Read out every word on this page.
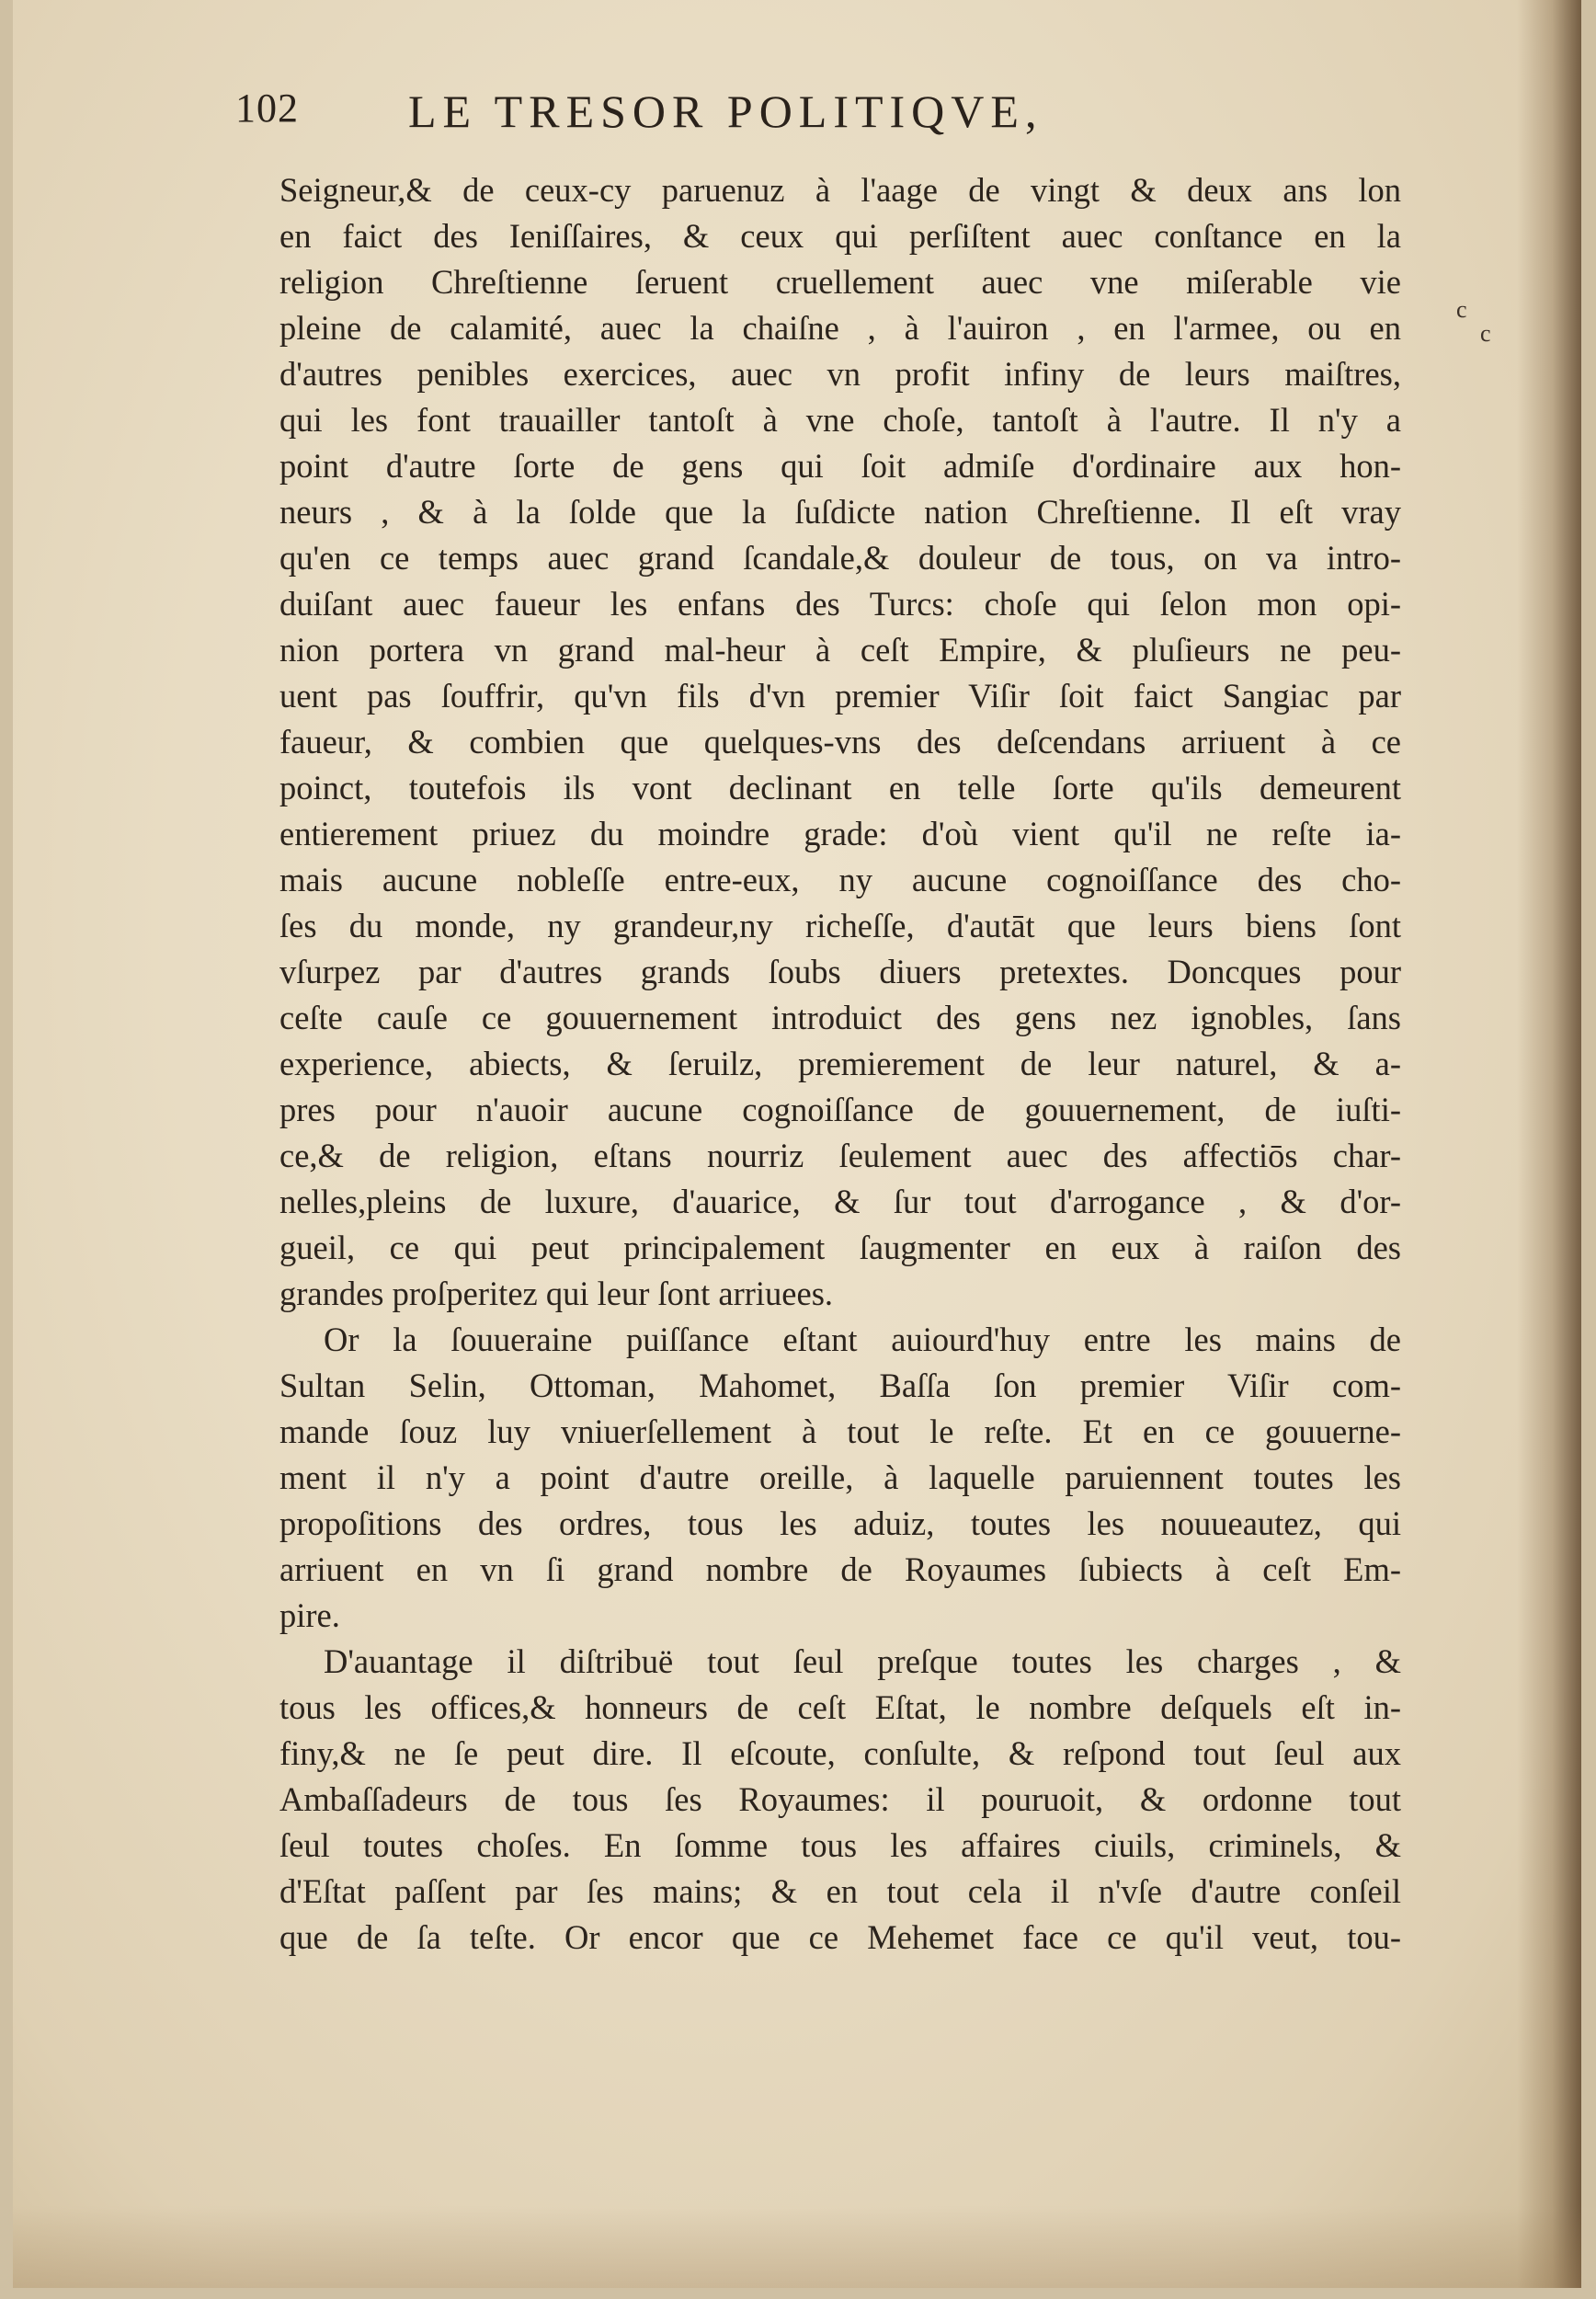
102 LE TRESOR POLITIQVE,
c
c
Seigneur,& de ceux-cy paruenuz à l'aage de vingt & deux ans lon
en faict des Ieniſſaires, & ceux qui perſiſtent auec conſtance en la
religion Chreſtienne ſeruent cruellement auec vne miſerable vie
pleine de calamité, auec la chaiſne , à l'auiron , en l'armee, ou en
d'autres penibles exercices, auec vn profit infiny de leurs maiſtres,
qui les font trauailler tantoſt à vne choſe, tantoſt à l'autre. Il n'y a
point d'autre ſorte de gens qui ſoit admiſe d'ordinaire aux hon-
neurs , & à la ſolde que la ſuſdicte nation Chreſtienne. Il eſt vray
qu'en ce temps auec grand ſcandale,& douleur de tous, on va intro-
duiſant auec faueur les enfans des Turcs: choſe qui ſelon mon opi-
nion portera vn grand mal-heur à ceſt Empire, & pluſieurs ne peu-
uent pas ſouffrir, qu'vn fils d'vn premier Viſir ſoit faict Sangiac par
faueur, & combien que quelques-vns des deſcendans arriuent à ce
poinct, toutefois ils vont declinant en telle ſorte qu'ils demeurent
entierement priuez du moindre grade: d'où vient qu'il ne reſte ia-
mais aucune nobleſſe entre-eux, ny aucune cognoiſſance des cho-
ſes du monde, ny grandeur,ny richeſſe, d'autāt que leurs biens ſont
vſurpez par d'autres grands ſoubs diuers pretextes. Doncques pour
ceſte cauſe ce gouuernement introduict des gens nez ignobles, ſans
experience, abiects, & ſeruilz, premierement de leur naturel, & a-
pres pour n'auoir aucune cognoiſſance de gouuernement, de iuſti-
ce,& de religion, eſtans nourriz ſeulement auec des affectiōs char-
nelles,pleins de luxure, d'auarice, & ſur tout d'arrogance , & d'or-
gueil, ce qui peut principalement ſaugmenter en eux à raiſon des
grandes proſperitez qui leur ſont arriuees.
Or la ſouueraine puiſſance eſtant auiourd'huy entre les mains de
Sultan Selin, Ottoman, Mahomet, Baſſa ſon premier Viſir com-
mande ſouz luy vniuerſellement à tout le reſte. Et en ce gouuerne-
ment il n'y a point d'autre oreille, à laquelle paruiennent toutes les
propoſitions des ordres, tous les aduiz, toutes les nouueautez, qui
arriuent en vn ſi grand nombre de Royaumes ſubiects à ceſt Em-
pire.
D'auantage il diſtribuë tout ſeul preſque toutes les charges , &
tous les offices,& honneurs de ceſt Eſtat, le nombre deſquels eſt in-
finy,& ne ſe peut dire. Il eſcoute, conſulte, & reſpond tout ſeul aux
Ambaſſadeurs de tous ſes Royaumes: il pouruoit, & ordonne tout
ſeul toutes choſes. En ſomme tous les affaires ciuils, criminels, &
d'Eſtat paſſent par ſes mains; & en tout cela il n'vſe d'autre conſeil
que de ſa teſte. Or encor que ce Mehemet face ce qu'il veut, tou-
